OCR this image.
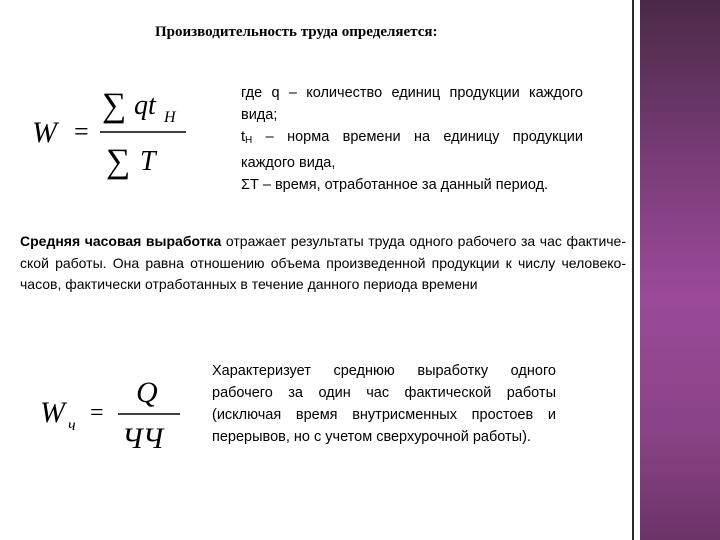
Производительность труда определяется:
W =
∑ qt Н
∑ T

где q – количество единиц продукции каждого вида;

tН – норма времени на единицу продукции каждого вида,

ΣТ – время, отработанное за данный период.

Средняя часовая выработка отражает результаты труда одного рабочего за час фактиче-ской работы. Она равна отношению объема произведенной продукции к числу человеко-часов, фактически отработанных в течение данного периода времени
W ч =
Q
ЧЧ
Характеризует среднюю выработку одного рабочего за один час фактической работы (исключая время внутрисменных простоев и перерывов, но с учетом сверхурочной работы).
